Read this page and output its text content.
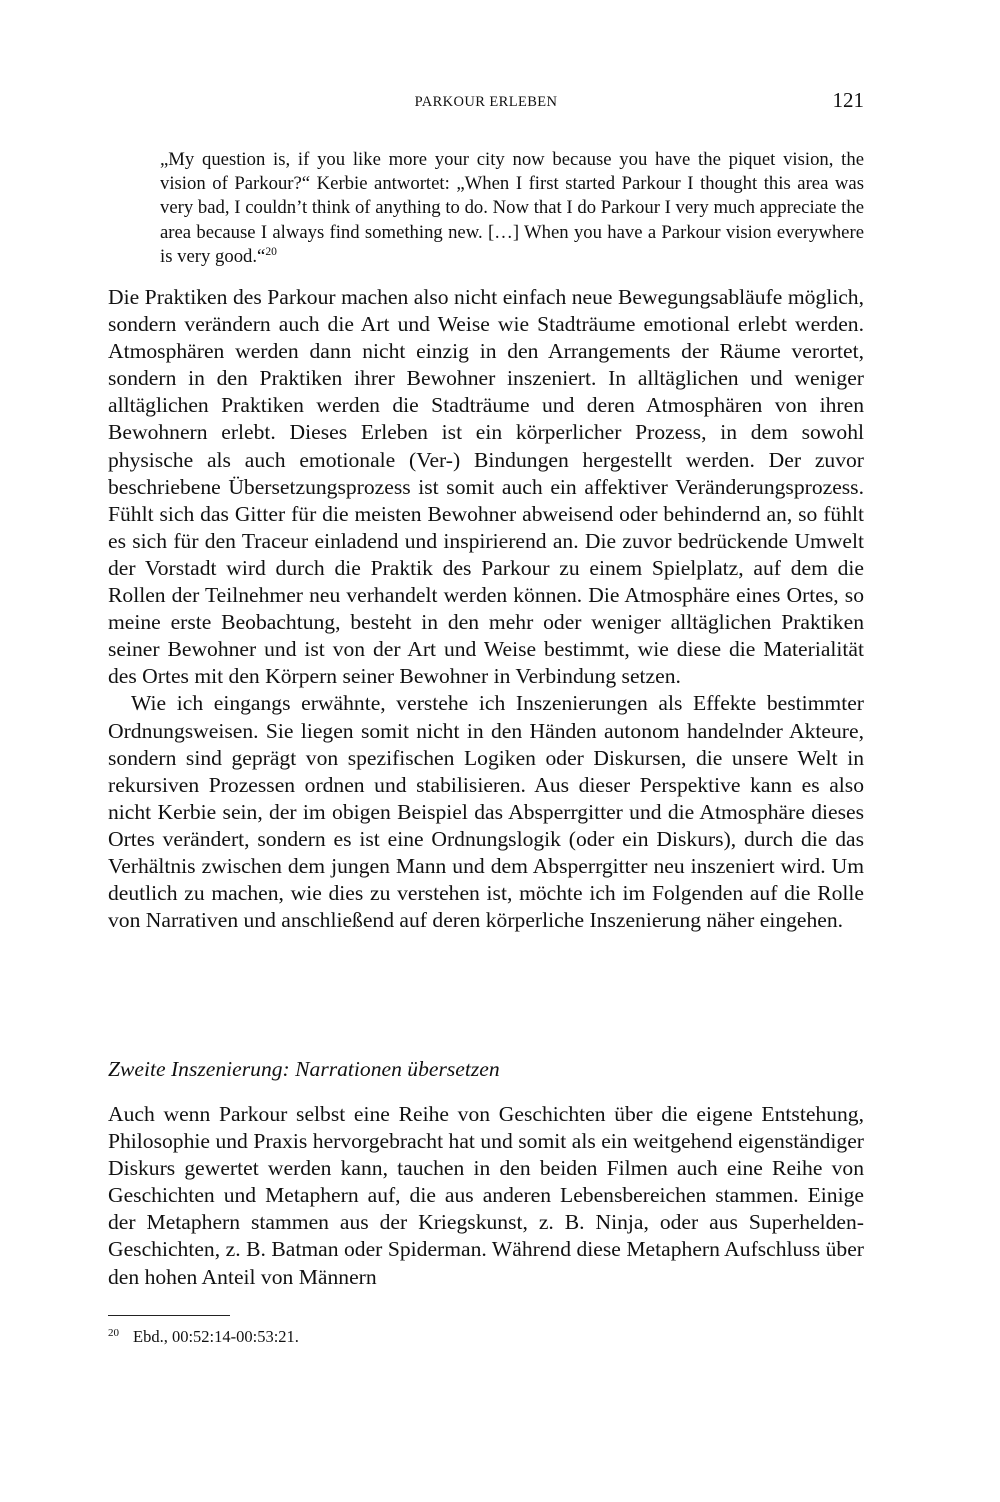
PARKOUR ERLEBEN	121
„My question is, if you like more your city now because you have the piquet vision, the vision of Parkour?“ Kerbie antwortet: „When I first started Parkour I thought this area was very bad, I couldn’t think of anything to do. Now that I do Parkour I very much appreciate the area because I always find something new. […] When you have a Parkour vision everywhere is very good.“$^{20}$

Die Praktiken des Parkour machen also nicht einfach neue Bewegungsabläufe möglich, sondern verändern auch die Art und Weise wie Stadträume emotional erlebt werden. Atmosphären werden dann nicht einzig in den Arrangements der Räume verortet, sondern in den Praktiken ihrer Bewohner inszeniert. In alltäglichen und weniger alltäglichen Praktiken werden die Stadträume und deren Atmosphären von ihren Bewohnern erlebt. Dieses Erleben ist ein körperlicher Prozess, in dem sowohl physische als auch emotionale (Ver-) Bindungen hergestellt werden. Der zuvor beschriebene Übersetzungsprozess ist somit auch ein affektiver Veränderungsprozess. Fühlt sich das Gitter für die meisten Bewohner abweisend oder behindernd an, so fühlt es sich für den Traceur einladend und inspirierend an. Die zuvor bedrückende Umwelt der Vorstadt wird durch die Praktik des Parkour zu einem Spielplatz, auf dem die Rollen der Teilnehmer neu verhandelt werden können. Die Atmosphäre eines Ortes, so meine erste Beobachtung, besteht in den mehr oder weniger alltäglichen Praktiken seiner Bewohner und ist von der Art und Weise bestimmt, wie diese die Materialität des Ortes mit den Körpern seiner Bewohner in Verbindung setzen.

Wie ich eingangs erwähnte, verstehe ich Inszenierungen als Effekte bestimmter Ordnungsweisen. Sie liegen somit nicht in den Händen autonom handelnder Akteure, sondern sind geprägt von spezifischen Logiken oder Diskursen, die unsere Welt in rekursiven Prozessen ordnen und stabilisieren. Aus dieser Perspektive kann es also nicht Kerbie sein, der im obigen Beispiel das Absperrgitter und die Atmosphäre dieses Ortes verändert, sondern es ist eine Ordnungslogik (oder ein Diskurs), durch die das Verhältnis zwischen dem jungen Mann und dem Absperrgitter neu inszeniert wird. Um deutlich zu machen, wie dies zu verstehen ist, möchte ich im Folgenden auf die Rolle von Narrativen und anschließend auf deren körperliche Inszenierung näher eingehen.

Zweite Inszenierung: Narrationen übersetzen

Auch wenn Parkour selbst eine Reihe von Geschichten über die eigene Entstehung, Philosophie und Praxis hervorgebracht hat und somit als ein weitgehend eigenständiger Diskurs gewertet werden kann, tauchen in den beiden Filmen auch eine Reihe von Geschichten und Metaphern auf, die aus anderen Lebensbereichen stammen. Einige der Metaphern stammen aus der Kriegskunst, z. B. Ninja, oder aus Superhelden-Geschichten, z. B. Batman oder Spiderman. Während diese Metaphern Aufschluss über den hohen Anteil von Männern

$^{20}$ Ebd., 00:52:14-00:53:21.
